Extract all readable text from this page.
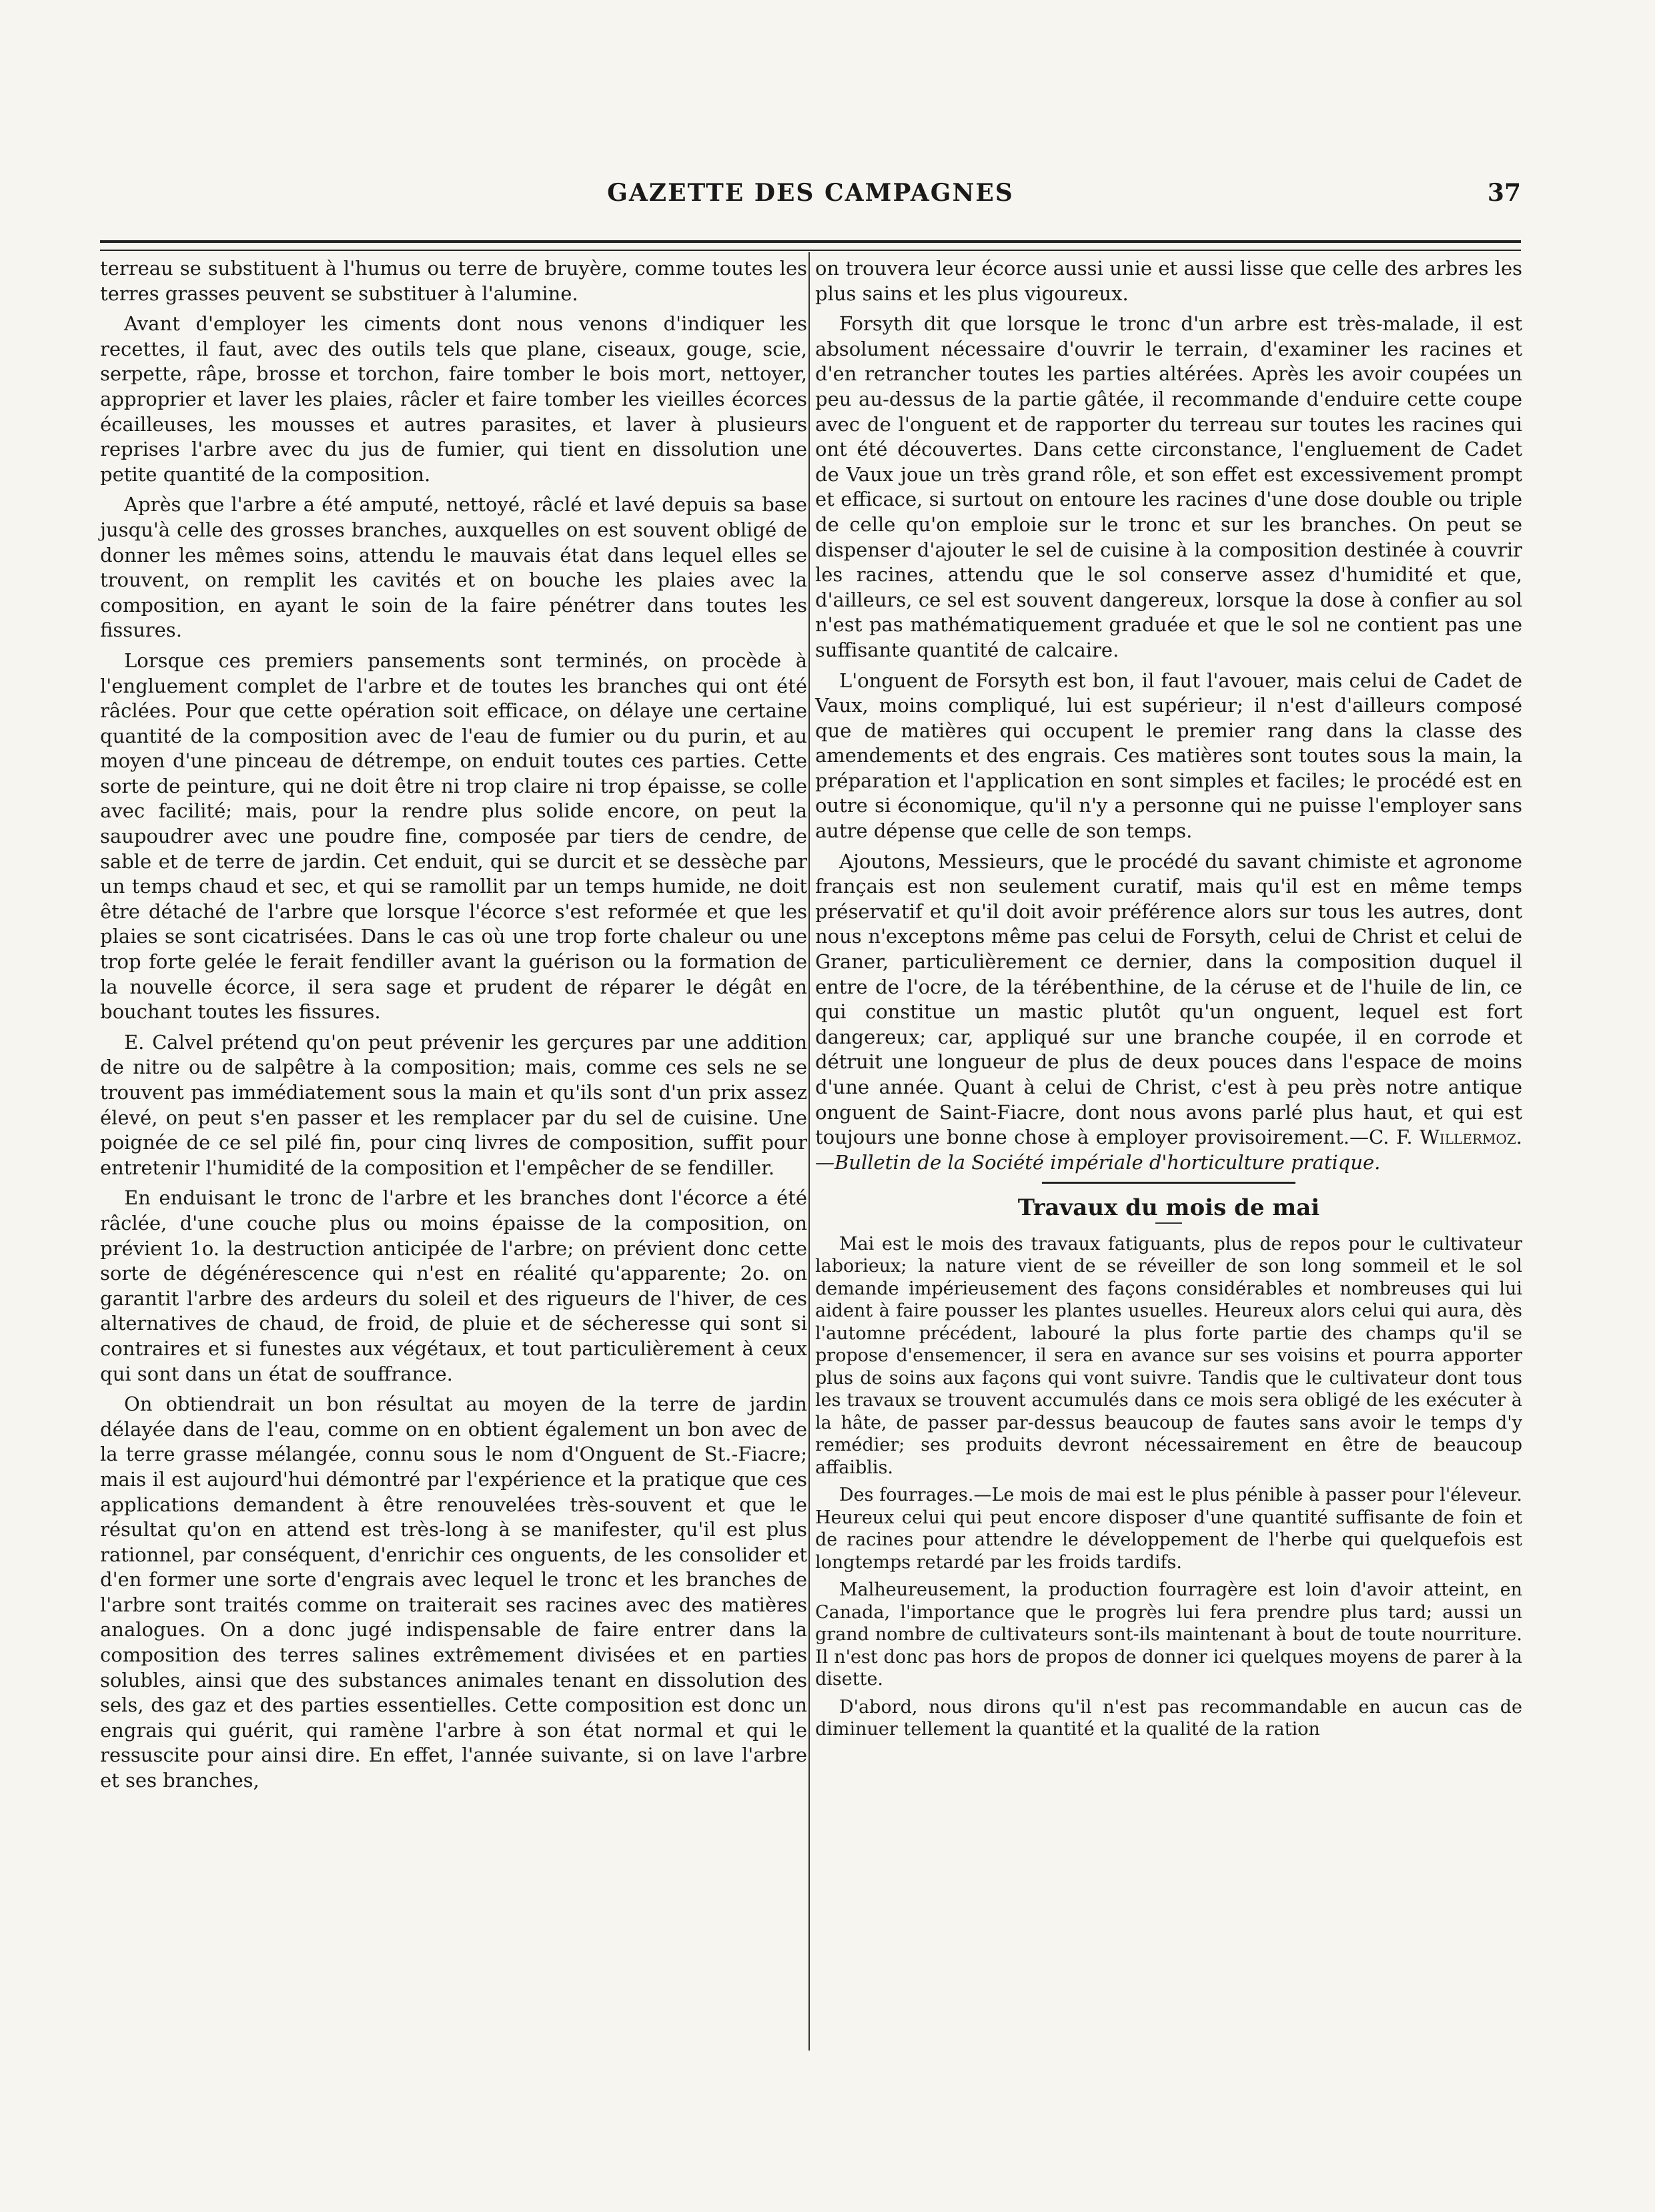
GAZETTE DES CAMPAGNES	37

terreau se substituent à l'humus ou terre de bruyère, comme toutes les terres grasses peuvent se substituer à l'alumine.

Avant d'employer les ciments dont nous venons d'indiquer les recettes, il faut, avec des outils tels que plane, ciseaux, gouge, scie, serpette, râpe, brosse et torchon, faire tomber le bois mort, nettoyer, approprier et laver les plaies, râcler et faire tomber les vieilles écorces écailleuses, les mousses et autres parasites, et laver à plusieurs reprises l'arbre avec du jus de fumier, qui tient en dissolution une petite quantité de la composition.

Après que l'arbre a été amputé, nettoyé, râclé et lavé depuis sa base jusqu'à celle des grosses branches, auxquelles on est souvent obligé de donner les mêmes soins, attendu le mauvais état dans lequel elles se trouvent, on remplit les cavités et on bouche les plaies avec la composition, en ayant le soin de la faire pénétrer dans toutes les fissures.

Lorsque ces premiers pansements sont terminés, on procède à l'engluement complet de l'arbre et de toutes les branches qui ont été râclées. Pour que cette opération soit efficace, on délaye une certaine quantité de la composition avec de l'eau de fumier ou du purin, et au moyen d'une pinceau de détrempe, on enduit toutes ces parties. Cette sorte de peinture, qui ne doit être ni trop claire ni trop épaisse, se colle avec facilité; mais, pour la rendre plus solide encore, on peut la saupoudrer avec une poudre fine, composée par tiers de cendre, de sable et de terre de jardin. Cet enduit, qui se durcit et se dessèche par un temps chaud et sec, et qui se ramollit par un temps humide, ne doit être détaché de l'arbre que lorsque l'écorce s'est reformée et que les plaies se sont cicatrisées. Dans le cas où une trop forte chaleur ou une trop forte gelée le ferait fendiller avant la guérison ou la formation de la nouvelle écorce, il sera sage et prudent de réparer le dégât en bouchant toutes les fissures.

E. Calvel prétend qu'on peut prévenir les gerçures par une addition de nitre ou de salpêtre à la composition; mais, comme ces sels ne se trouvent pas immédiatement sous la main et qu'ils sont d'un prix assez élevé, on peut s'en passer et les remplacer par du sel de cuisine. Une poignée de ce sel pilé fin, pour cinq livres de composition, suffit pour entretenir l'humidité de la composition et l'empêcher de se fendiller.

En enduisant le tronc de l'arbre et les branches dont l'écorce a été râclée, d'une couche plus ou moins épaisse de la composition, on prévient 1o. la destruction anticipée de l'arbre; on prévient donc cette sorte de dégénérescence qui n'est en réalité qu'apparente; 2o. on garantit l'arbre des ardeurs du soleil et des rigueurs de l'hiver, de ces alternatives de chaud, de froid, de pluie et de sécheresse qui sont si contraires et si funestes aux végétaux, et tout particulièrement à ceux qui sont dans un état de souffrance.

On obtiendrait un bon résultat au moyen de la terre de jardin délayée dans de l'eau, comme on en obtient également un bon avec de la terre grasse mélangée, connu sous le nom d'Onguent de St.-Fiacre; mais il est aujourd'hui démontré par l'expérience et la pratique que ces applications demandent à être renouvelées très-souvent et que le résultat qu'on en attend est très-long à se manifester, qu'il est plus rationnel, par conséquent, d'enrichir ces onguents, de les consolider et d'en former une sorte d'engrais avec lequel le tronc et les branches de l'arbre sont traités comme on traiterait ses racines avec des matières analogues. On a donc jugé indispensable de faire entrer dans la composition des terres salines extrêmement divisées et en parties solubles, ainsi que des substances animales tenant en dissolution des sels, des gaz et des parties essentielles. Cette composition est donc un engrais qui guérit, qui ramène l'arbre à son état normal et qui le ressuscite pour ainsi dire. En effet, l'année suivante, si on lave l'arbre et ses branches,

on trouvera leur écorce aussi unie et aussi lisse que celle des arbres les plus sains et les plus vigoureux.

Forsyth dit que lorsque le tronc d'un arbre est très-malade, il est absolument nécessaire d'ouvrir le terrain, d'examiner les racines et d'en retrancher toutes les parties altérées. Après les avoir coupées un peu au-dessus de la partie gâtée, il recommande d'enduire cette coupe avec de l'onguent et de rapporter du terreau sur toutes les racines qui ont été découvertes. Dans cette circonstance, l'engluement de Cadet de Vaux joue un très grand rôle, et son effet est excessivement prompt et efficace, si surtout on entoure les racines d'une dose double ou triple de celle qu'on emploie sur le tronc et sur les branches. On peut se dispenser d'ajouter le sel de cuisine à la composition destinée à couvrir les racines, attendu que le sol conserve assez d'humidité et que, d'ailleurs, ce sel est souvent dangereux, lorsque la dose à confier au sol n'est pas mathématiquement graduée et que le sol ne contient pas une suffisante quantité de calcaire.

L'onguent de Forsyth est bon, il faut l'avouer, mais celui de Cadet de Vaux, moins compliqué, lui est supérieur; il n'est d'ailleurs composé que de matières qui occupent le premier rang dans la classe des amendements et des engrais. Ces matières sont toutes sous la main, la préparation et l'application en sont simples et faciles; le procédé est en outre si économique, qu'il n'y a personne qui ne puisse l'employer sans autre dépense que celle de son temps.

Ajoutons, Messieurs, que le procédé du savant chimiste et agronome français est non seulement curatif, mais qu'il est en même temps préservatif et qu'il doit avoir préférence alors sur tous les autres, dont nous n'exceptons même pas celui de Forsyth, celui de Christ et celui de Graner, particulièrement ce dernier, dans la composition duquel il entre de l'ocre, de la térébenthine, de la céruse et de l'huile de lin, ce qui constitue un mastic plutôt qu'un onguent, lequel est fort dangereux; car, appliqué sur une branche coupée, il en corrode et détruit une longueur de plus de deux pouces dans l'espace de moins d'une année. Quant à celui de Christ, c'est à peu près notre antique onguent de Saint-Fiacre, dont nous avons parlé plus haut, et qui est toujours une bonne chose à employer provisoirement.—C. F. Willermoz.—Bulletin de la Société impériale d'horticulture pratique.

Travaux du mois de mai

Mai est le mois des travaux fatiguants, plus de repos pour le cultivateur laborieux; la nature vient de se réveiller de son long sommeil et le sol demande impérieusement des façons considérables et nombreuses qui lui aident à faire pousser les plantes usuelles. Heureux alors celui qui aura, dès l'automne précédent, labouré la plus forte partie des champs qu'il se propose d'ensemencer, il sera en avance sur ses voisins et pourra apporter plus de soins aux façons qui vont suivre. Tandis que le cultivateur dont tous les travaux se trouvent accumulés dans ce mois sera obligé de les exécuter à la hâte, de passer par-dessus beaucoup de fautes sans avoir le temps d'y remédier; ses produits devront nécessairement en être de beaucoup affaiblis.

Des fourrages.—Le mois de mai est le plus pénible à passer pour l'éleveur. Heureux celui qui peut encore disposer d'une quantité suffisante de foin et de racines pour attendre le développement de l'herbe qui quelquefois est longtemps retardé par les froids tardifs.

Malheureusement, la production fourragère est loin d'avoir atteint, en Canada, l'importance que le progrès lui fera prendre plus tard; aussi un grand nombre de cultivateurs sont-ils maintenant à bout de toute nourriture. Il n'est donc pas hors de propos de donner ici quelques moyens de parer à la disette.

D'abord, nous dirons qu'il n'est pas recommandable en aucun cas de diminuer tellement la quantité et la qualité de la ration
